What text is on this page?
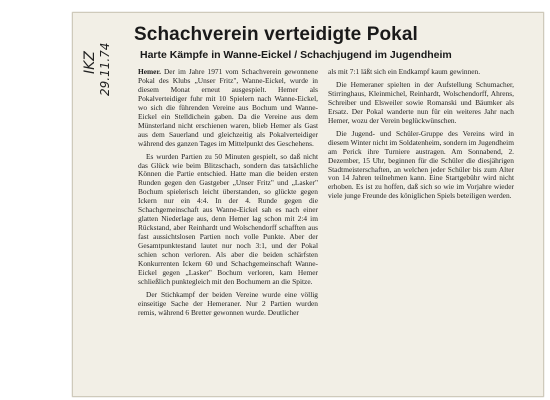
IKZ 29.11.74
Schachverein verteidigte Pokal
Harte Kämpfe in Wanne-Eickel / Schachjugend im Jugendheim

Hemer. Der im Jahre 1971 vom Schachverein gewonnene Pokal des Klubs „Unser Fritz", Wanne-Eickel, wurde in diesem Monat erneut ausgespielt. Hemer als Pokalverteidiger fuhr mit 10 Spielern nach Wanne-Eickel, wo sich die führenden Vereine aus Bochum und Wanne-Eickel ein Stelldichein gaben. Da die Vereine aus dem Münsterland nicht erschienen waren, blieb Hemer als Gast aus dem Sauerland und gleichzeitig als Pokalverteidiger während des ganzen Tages im Mittelpunkt des Geschehens.

Es wurden Partien zu 50 Minuten gespielt, so daß nicht das Glück wie beim Blitzschach, sondern das tatsächliche Können die Partie entschied. Hatte man die beiden ersten Runden gegen den Gastgeber „Unser Fritz" und „Lasker" Bochum spielerisch leicht überstanden, so glückte gegen Ickern nur ein 4:4. In der 4. Runde gegen die Schachgemeinschaft aus Wanne-Eickel sah es nach einer glatten Niederlage aus, denn Hemer lag schon mit 2:4 im Rückstand, aber Reinhardt und Wolschendorff schafften aus fast aussichtslosen Partien noch volle Punkte. Aber der Gesamtpunktestand lautet nur noch 3:1, und der Pokal schien schon verloren. Als aber die beiden schärfsten Konkurrenten Ickern 60 und Schachgemeinschaft Wanne-Eickel gegen „Lasker" Bochum verloren, kam Hemer schließlich punktegleich mit den Bochumern an die Spitze.

Der Stichkampf der beiden Vereine wurde eine völlig einseitige Sache der Hemeraner. Nur 2 Partien wurden remis, während 6 Bretter gewonnen wurde. Deutlicher

als mit 7:1 läßt sich ein Endkampf kaum gewinnen.

Die Hemeraner spielten in der Aufstellung Schumacher, Stirringhaus, Kleinmichel, Reinhardt, Wolschendorff, Ahrens, Schreiber und Elsweiler sowie Romanski und Bäumker als Ersatz. Der Pokal wanderte nun für ein weiteres Jahr nach Hemer, wozu der Verein beglückwünschen.

Die Jugend- und Schüler-Gruppe des Vereins wird in diesem Winter nicht im Soldatenheim, sondern im Jugendheim am Perick ihre Turniere austragen. Am Sonnabend, 2. Dezember, 15 Uhr, beginnen für die Schüler die diesjährigen Stadtmeisterschaften, an welchen jeder Schüler bis zum Alter von 14 Jahren teilnehmen kann. Eine Startgebühr wird nicht erhoben. Es ist zu hoffen, daß sich so wie im Vorjahre wieder viele junge Freunde des königlichen Spiels beteiligen werden.
